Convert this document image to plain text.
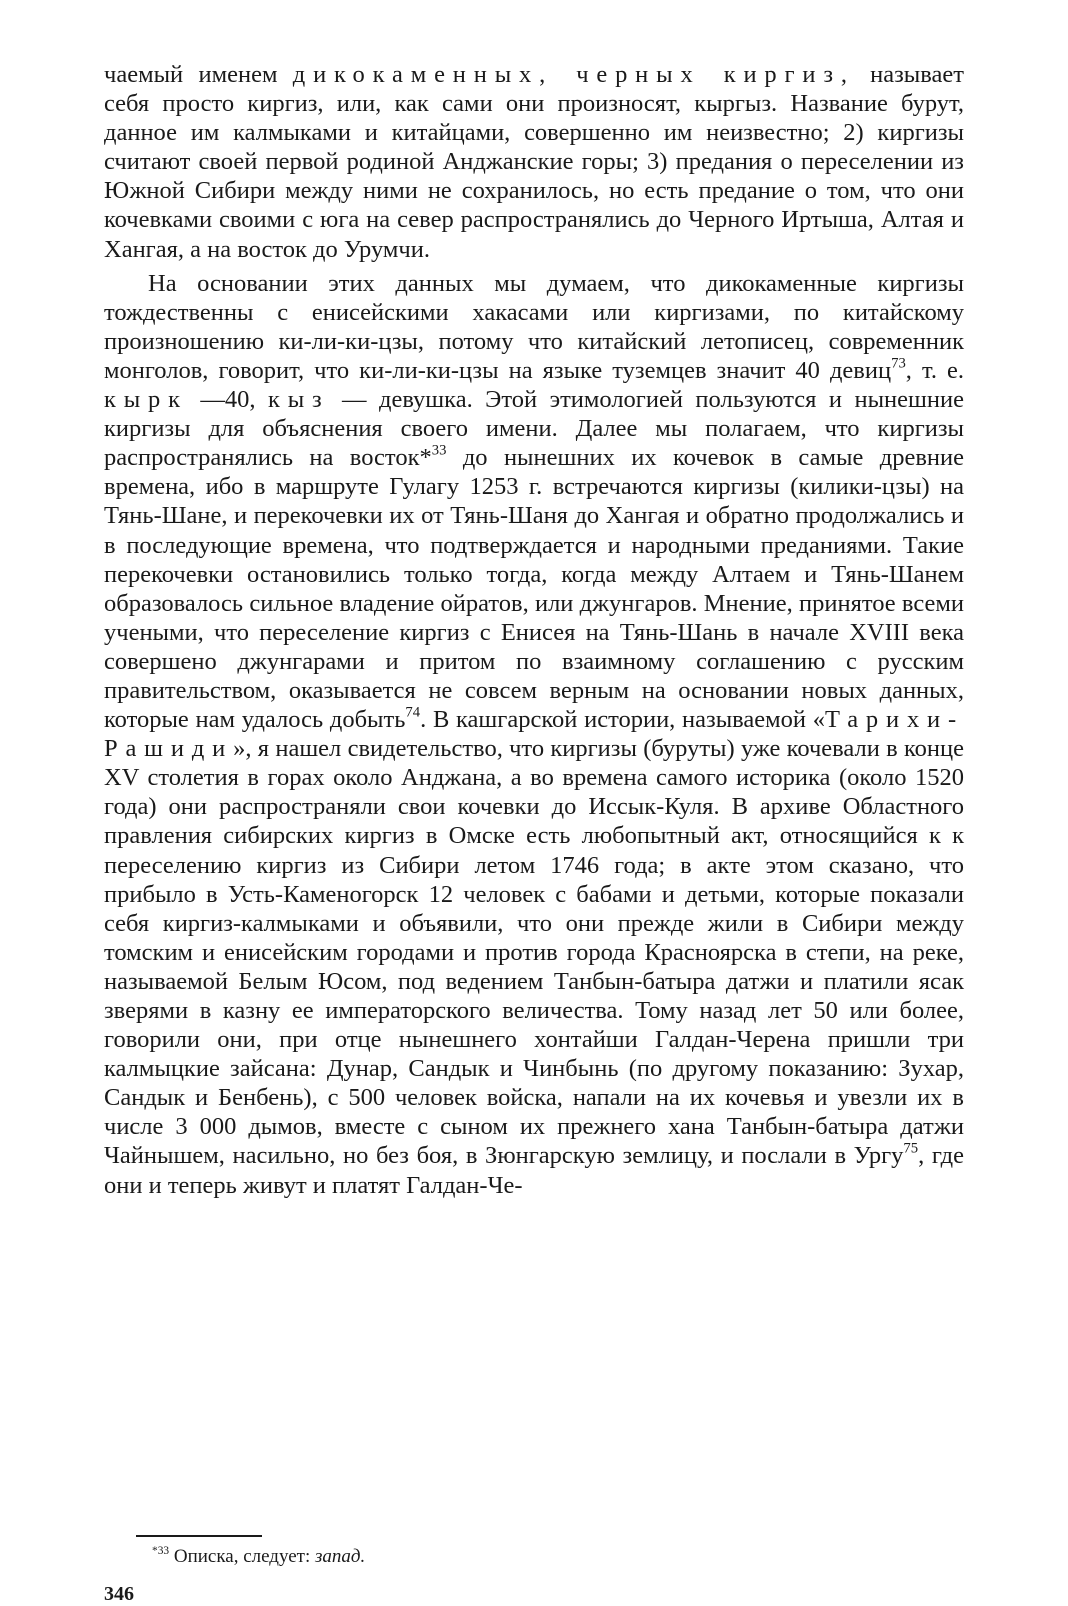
чаемый именем дикокаменных, черных киргиз, называет себя просто киргиз, или, как сами они произносят, кыргыз. Название бурут, данное им калмыками и китайцами, совершенно им неизвестно; 2) киргизы считают своей первой родиной Анджанские горы; 3) предания о переселении из Южной Сибири между ними не сохранилось, но есть предание о том, что они кочевками своими с юга на север распространялись до Черного Иртыша, Алтая и Хангая, а на восток до Урумчи.

На основании этих данных мы думаем, что дикокаменные киргизы тождественны с енисейскими хакасами или киргизами, по китайскому произношению ки-ли-ки-цзы, потому что китайский летописец, современник монголов, говорит, что ки-ли-ки-цзы на языке туземцев значит 40 девиц$^{73}$, т. е. кырк —40, кыз — девушка. Этой этимологией пользуются и нынешние киргизы для объяснения своего имени. Далее мы полагаем, что киргизы распространялись на восток*$^{33}$ до нынешних их кочевок в самые древние времена, ибо в маршруте Гулагу 1253 г. встречаются киргизы (килики-цзы) на Тянь-Шане, и перекочевки их от Тянь-Шаня до Хангая и обратно продолжались и в последующие времена, что подтверждается и народными преданиями. Такие перекочевки остановились только тогда, когда между Алтаем и Тянь-Шанем образовалось сильное владение ойратов, или джунгаров. Мнение, принятое всеми учеными, что переселение киргиз с Енисея на Тянь-Шань в начале XVIII века совершено джунгарами и притом по взаимному соглашению с русским правительством, оказывается не совсем верным на основании новых данных, которые нам удалось добыть$^{74}$. В кашгарской истории, называемой «Тарихи-Рашиди», я нашел свидетельство, что киргизы (буруты) уже кочевали в конце XV столетия в горах около Анджана, а во времена самого историка (около 1520 года) они распространяли свои кочевки до Иссык-Куля. В архиве Областного правления сибирских киргиз в Омске есть любопытный акт, относящийся к к переселению киргиз из Сибири летом 1746 года; в акте этом сказано, что прибыло в Усть-Каменогорск 12 человек с бабами и детьми, которые показали себя киргиз-калмыками и объявили, что они прежде жили в Сибири между томским и енисейским городами и против города Красноярска в степи, на реке, называемой Белым Юсом, под ведением Танбын-батыра датжи и платили ясак зверями в казну ее императорского величества. Тому назад лет 50 или более, говорили они, при отце нынешнего хонтайши Галдан-Черена пришли три калмыцкие зайсана: Дунар, Сандык и Чинбынь (по другому показанию: Зухар, Сандык и Бенбень), с 500 человек войска, напали на их кочевья и увезли их в числе 3 000 дымов, вместе с сыном их прежнего хана Танбын-батыра датжи Чайнышем, насильно, но без боя, в Зюнгарскую землицу, и послали в Ургу$^{75}$, где они и теперь живут и платят Галдан-Че-

$^{*33}$ Описка, следует: запад.
346
